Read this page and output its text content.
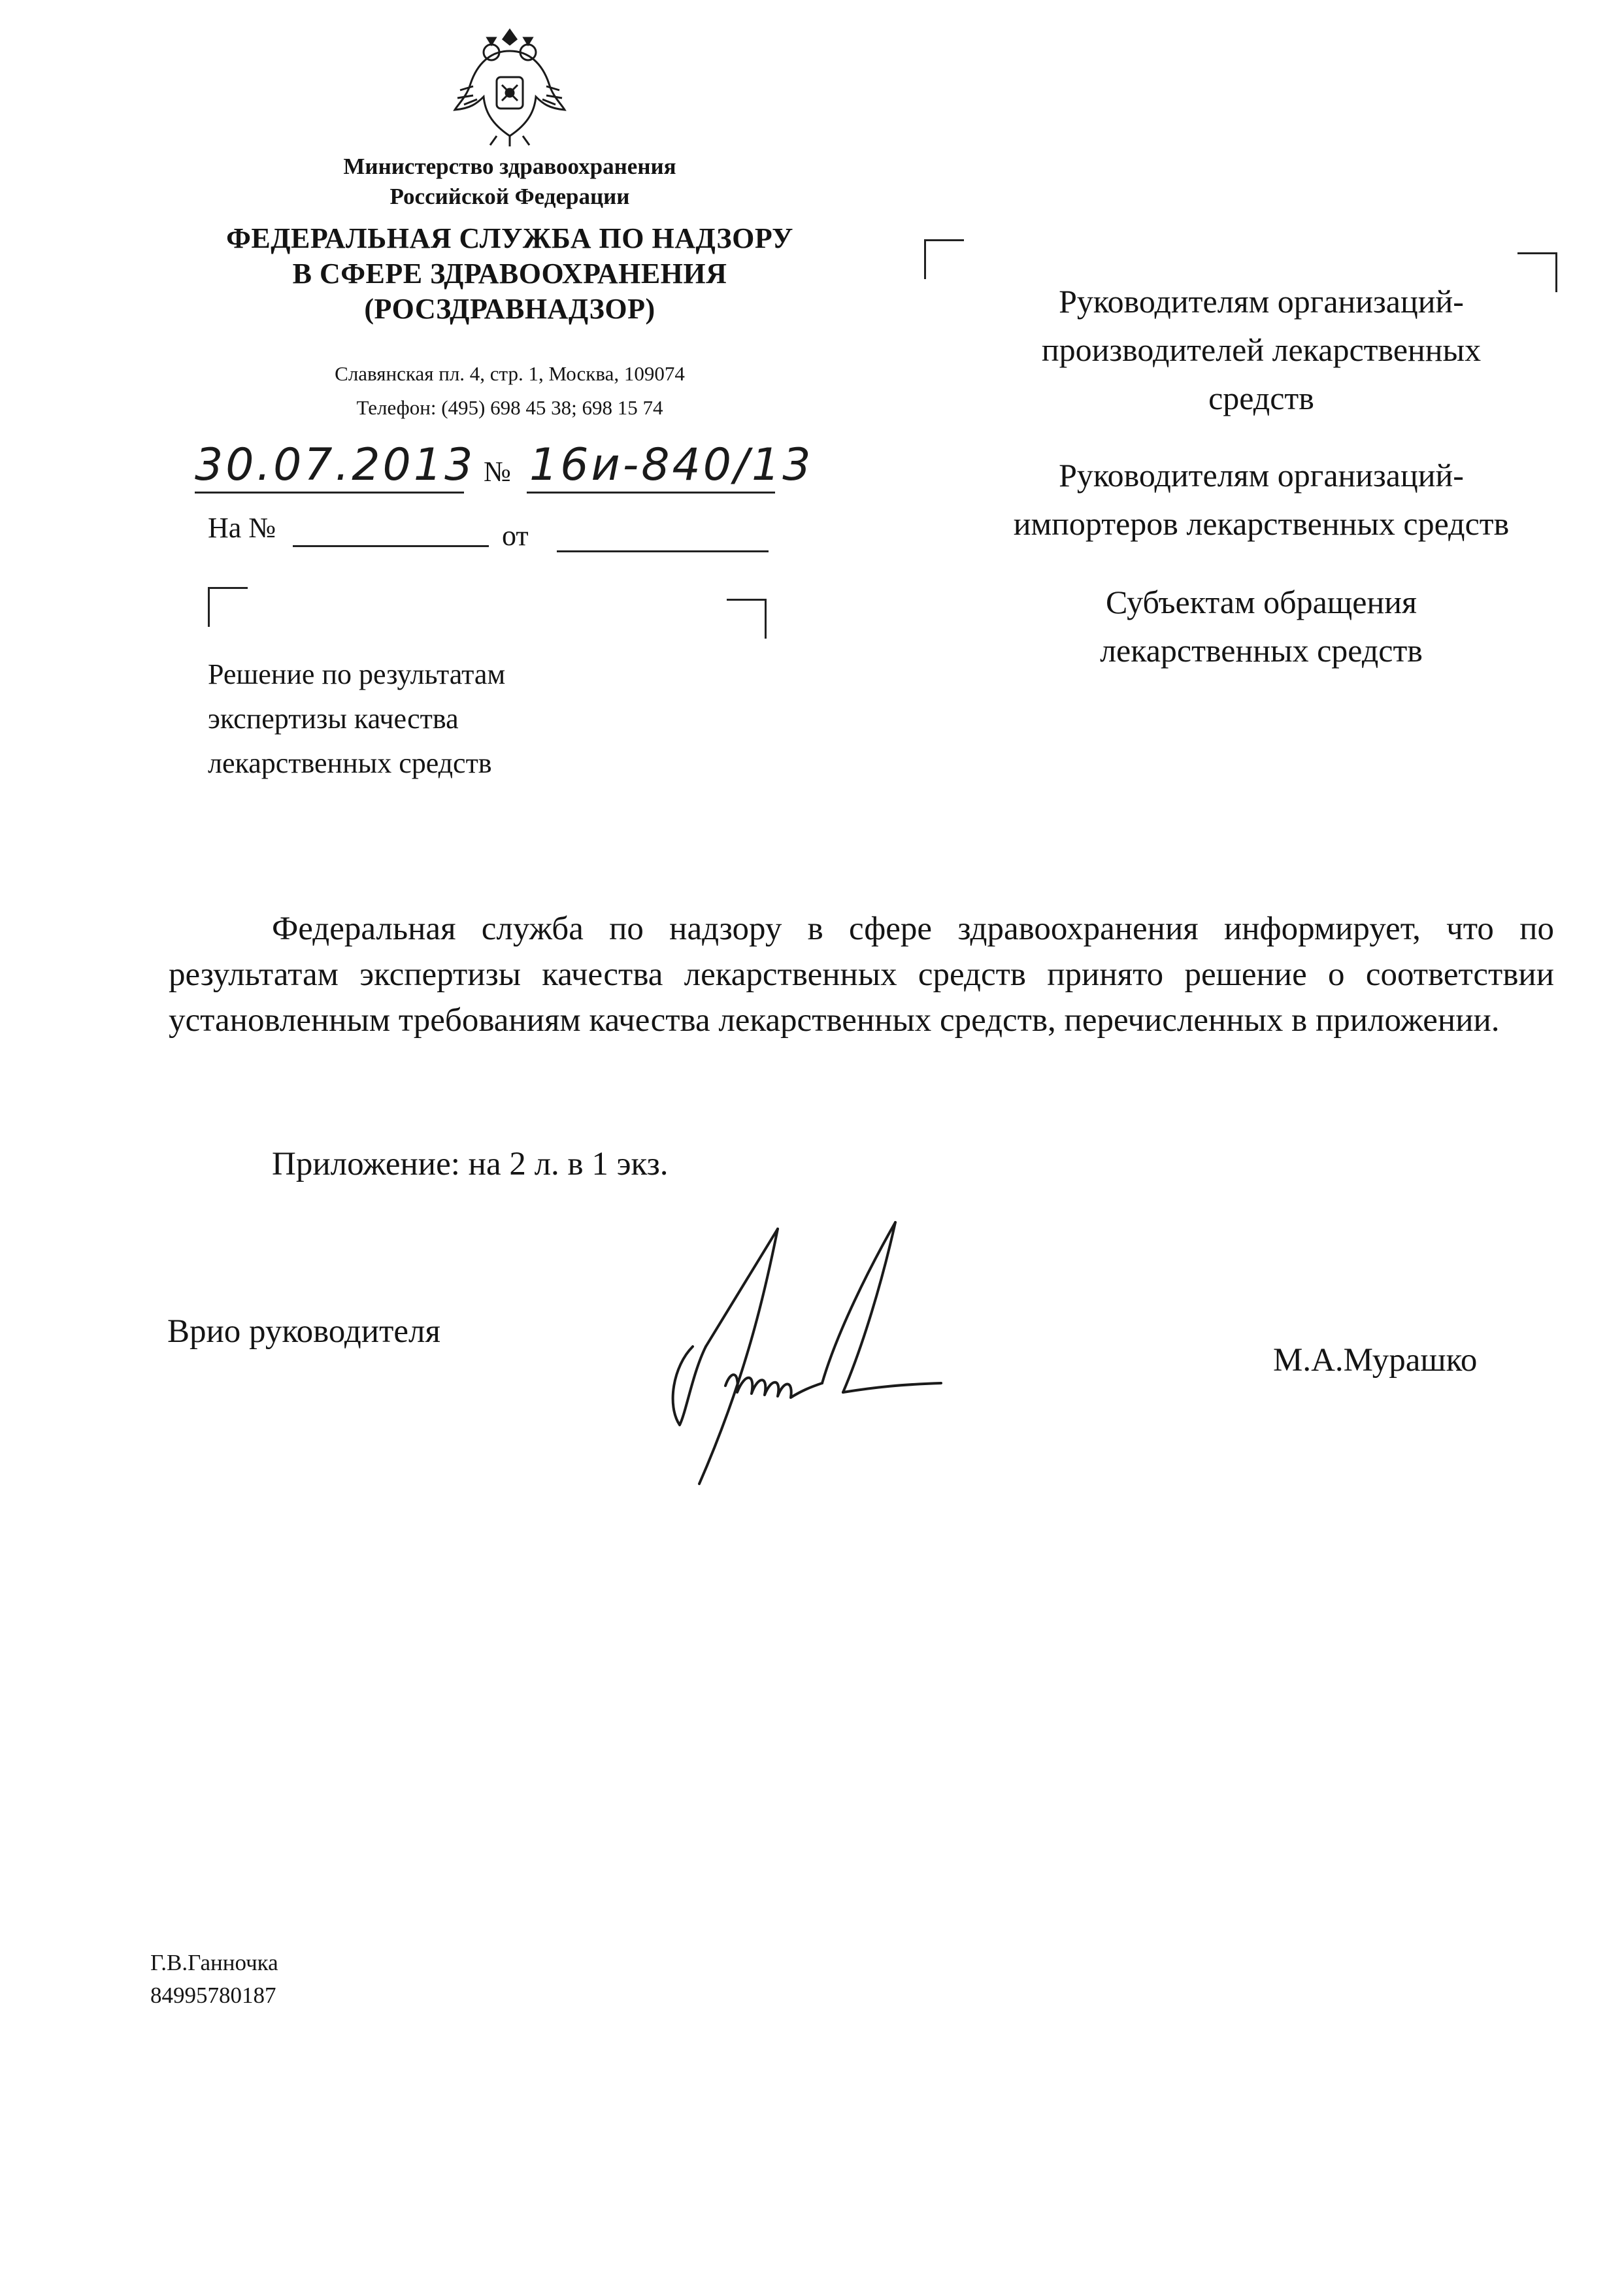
Министерство здравоохранения
Российской Федерации
ФЕДЕРАЛЬНАЯ СЛУЖБА ПО НАДЗОРУ
В СФЕРЕ ЗДРАВООХРАНЕНИЯ
(РОСЗДРАВНАДЗОР)
Славянская пл. 4, стр. 1, Москва, 109074
Телефон: (495) 698 45 38; 698 15 74
30.07.2013 № 16и-840/13
На №	от
Решение по результатам
экспертизы качества
лекарственных средств
Руководителям организаций-
производителей лекарственных
средств
Руководителям организаций-
импортеров лекарственных средств
Субъектам обращения
лекарственных средств
Федеральная служба по надзору в сфере здравоохранения информирует, что по результатам экспертизы качества лекарственных средств принято решение о соответствии установленным требованиям качества лекарственных средств, перечисленных в приложении.
Приложение: на 2 л. в 1 экз.
Врио руководителя
М.А.Мурашко
Г.В.Ганночка
84995780187
